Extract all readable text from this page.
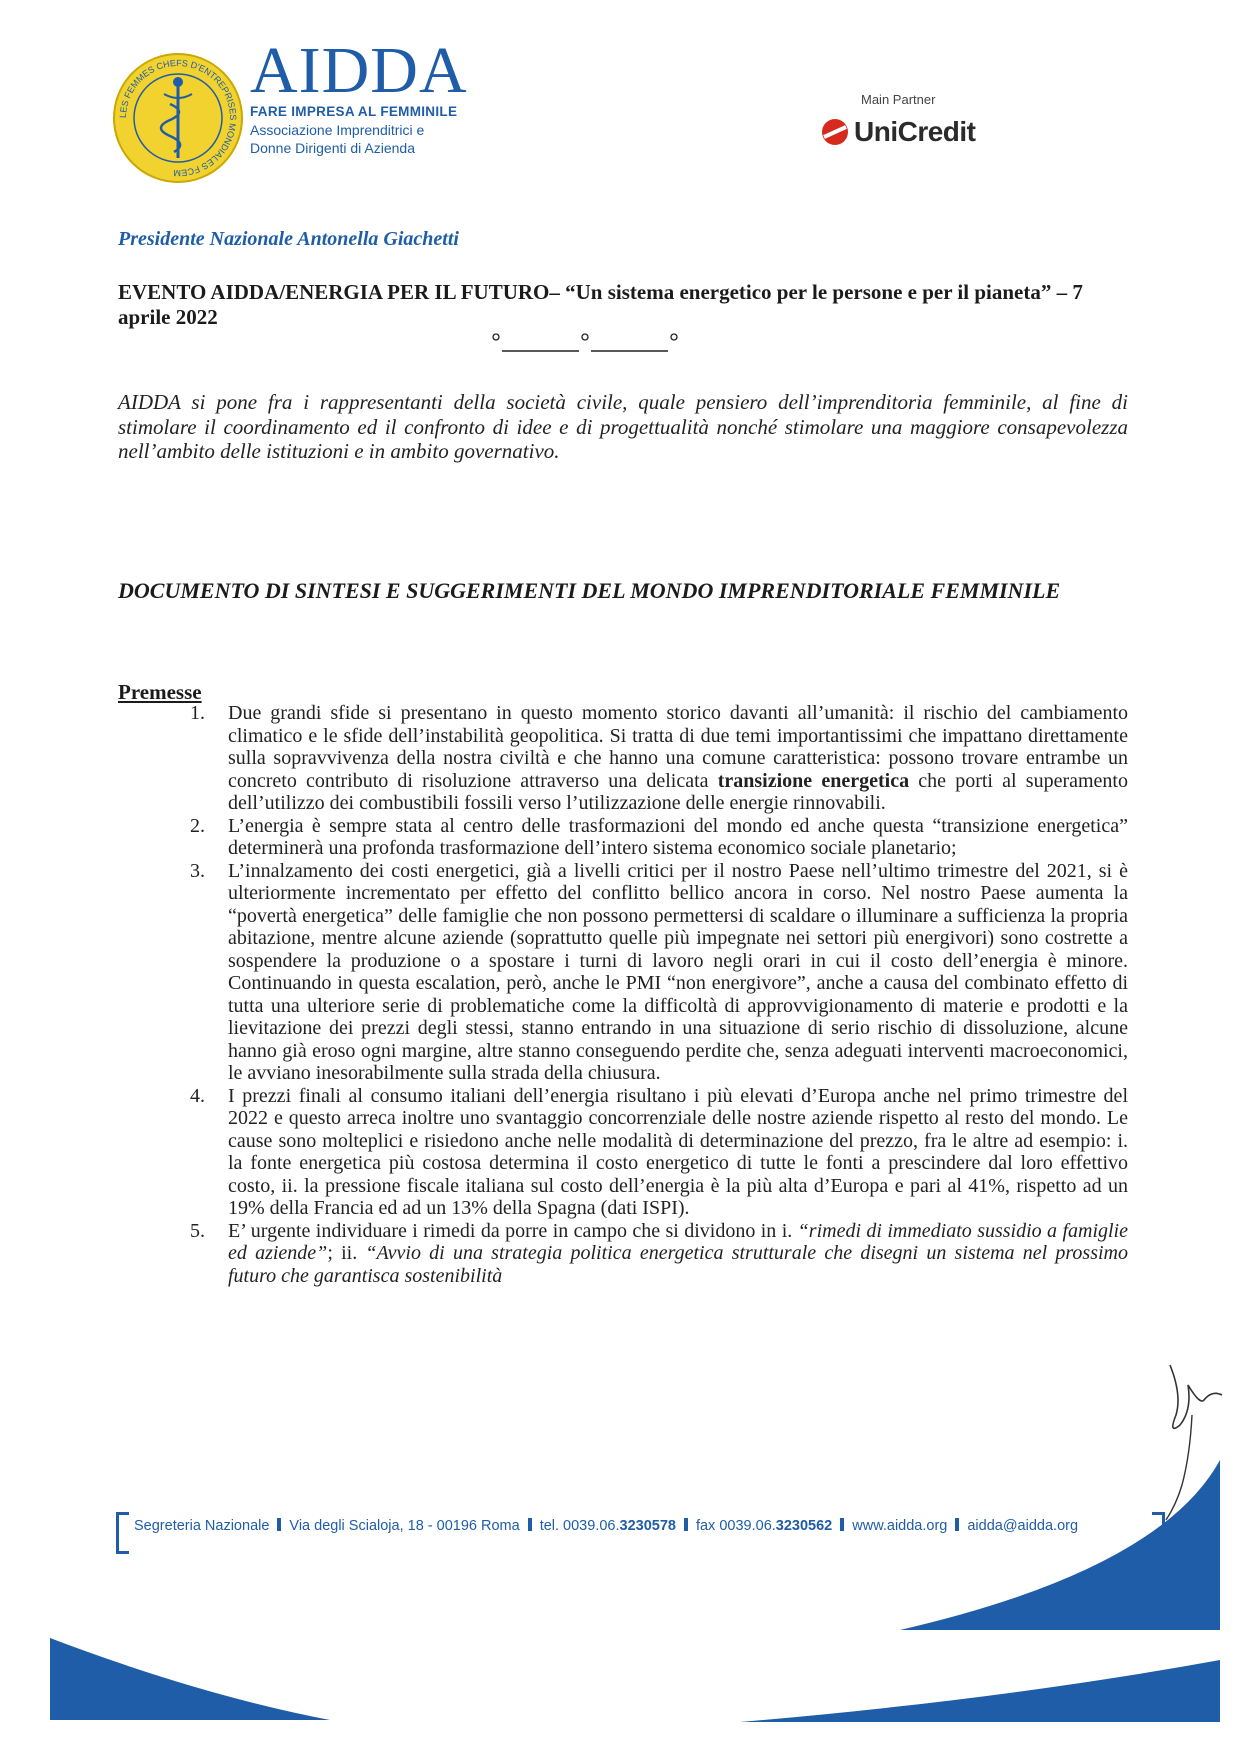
LES FEMMES CHEFS D'ENTREPRISES MONDIALES FCEM
AIDDA
FARE IMPRESA AL FEMMINILE
Associazione Imprenditrici e
Donne Dirigenti di Azienda
Main Partner
UniCredit
Presidente Nazionale Antonella Giachetti
EVENTO AIDDA/ENERGIA PER IL FUTURO– “Un sistema energetico per le persone e per il pianeta” – 7 aprile 2022
AIDDA si pone fra i rappresentanti della società civile, quale pensiero dell’imprenditoria femminile, al fine di stimolare il coordinamento ed il confronto di idee e di progettualità nonché stimolare una maggiore consapevolezza nell’ambito delle istituzioni e in ambito governativo.
DOCUMENTO DI SINTESI E SUGGERIMENTI DEL MONDO IMPRENDITORIALE FEMMINILE
Premesse
1. Due grandi sfide si presentano in questo momento storico davanti all’umanità: il rischio del cambiamento climatico e le sfide dell’instabilità geopolitica. Si tratta di due temi importantissimi che impattano direttamente sulla sopravvivenza della nostra civiltà e che hanno una comune caratteristica: possono trovare entrambe un concreto contributo di risoluzione attraverso una delicata transizione energetica che porti al superamento dell’utilizzo dei combustibili fossili verso l’utilizzazione delle energie rinnovabili.
2. L’energia è sempre stata al centro delle trasformazioni del mondo ed anche questa “transizione energetica” determinerà una profonda trasformazione dell’intero sistema economico sociale planetario;
3. L’innalzamento dei costi energetici, già a livelli critici per il nostro Paese nell’ultimo trimestre del 2021, si è ulteriormente incrementato per effetto del conflitto bellico ancora in corso. Nel nostro Paese aumenta la “povertà energetica” delle famiglie che non possono permettersi di scaldare o illuminare a sufficienza la propria abitazione, mentre alcune aziende (soprattutto quelle più impegnate nei settori più energivori) sono costrette a sospendere la produzione o a spostare i turni di lavoro negli orari in cui il costo dell’energia è minore. Continuando in questa escalation, però, anche le PMI “non energivore”, anche a causa del combinato effetto di tutta una ulteriore serie di problematiche come la difficoltà di approvvigionamento di materie e prodotti e la lievitazione dei prezzi degli stessi, stanno entrando in una situazione di serio rischio di dissoluzione, alcune hanno già eroso ogni margine, altre stanno conseguendo perdite che, senza adeguati interventi macroeconomici, le avviano inesorabilmente sulla strada della chiusura.
4. I prezzi finali al consumo italiani dell’energia risultano i più elevati d’Europa anche nel primo trimestre del 2022 e questo arreca inoltre uno svantaggio concorrenziale delle nostre aziende rispetto al resto del mondo. Le cause sono molteplici e risiedono anche nelle modalità di determinazione del prezzo, fra le altre ad esempio: i. la fonte energetica più costosa determina il costo energetico di tutte le fonti a prescindere dal loro effettivo costo, ii. la pressione fiscale italiana sul costo dell’energia è la più alta d’Europa e pari al 41%, rispetto ad un 19% della Francia ed ad un 13% della Spagna (dati ISPI).
5. E’ urgente individuare i rimedi da porre in campo che si dividono in i. “rimedi di immediato sussidio a famiglie ed aziende”; ii. “Avvio di una strategia politica energetica strutturale che disegni un sistema nel prossimo futuro che garantisca sostenibilità
Segreteria Nazionale Via degli Scialoja, 18 - 00196 Roma tel. 0039.06.3230578 fax 0039.06.3230562 www.aidda.org aidda@aidda.org
